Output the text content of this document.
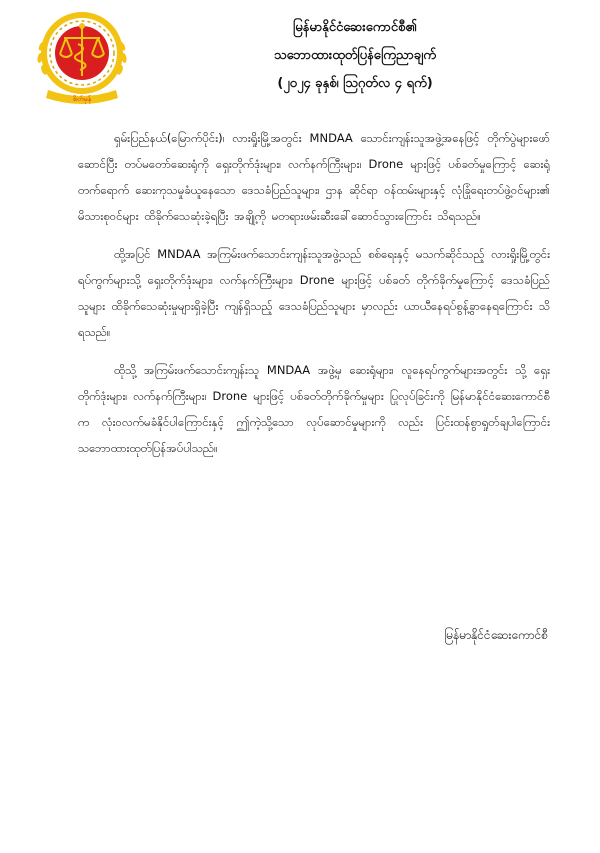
စိတ်မှန်
မြန်မာနိုင်ငံဆေးကောင်စီ၏
သဘောထားထုတ်ပြန်ကြေညာချက်
(၂၀၂၄ ခုနှစ်၊ ဩဂုတ်လ ၄ ရက်)

ရှမ်းပြည်နယ်(မြောက်ပိုင်း)၊ လားရှိုးမြို့အတွင်း MNDAA သောင်းကျန်းသူအဖွဲ့အနေဖြင့် တိုက်ပွဲများဖော်ဆောင်ပြီး တပ်မတော်ဆေးရုံကို ရှေးတိုက်ဒုံးများ၊ လက်နက်ကြီးများ၊ Drone များဖြင့် ပစ်ခတ်မှုကြောင့် ဆေးရုံတက်ရောက် ဆေးကုသမှုခံယူနေသော ဒေသခံပြည်သူများ၊ ဌာန ဆိုင်ရာ ဝန်ထမ်းများနှင့် လုံခြုံရေးတပ်ဖွဲ့ဝင်များ၏ မိသားစုဝင်များ ထိခိုက်သေဆုံးခဲ့ရပြီး အချို့ကို မတရားဖမ်းဆီးခေါ်ဆောင်သွားကြောင်း သိရသည်။

ထို့အပြင် MNDAA အကြမ်းဖက်သောင်းကျန်းသူအဖွဲ့သည် စစ်ရေးနှင့် မသက်ဆိုင်သည့် လားရှိုးမြို့တွင်း ရပ်ကွက်များသို့ ရှေးတိုက်ဒုံးများ၊ လက်နက်ကြီးများ၊ Drone များဖြင့် ပစ်ခတ် တိုက်ခိုက်မှုကြောင့် ဒေသခံပြည်သူများ ထိခိုက်သေဆုံးမှုများရှိခဲ့ပြီး ကျန်ရှိသည့် ဒေသခံပြည်သူများ မှာလည်း ယာယီနေရပ်စွန့်ခွာနေရကြောင်း သိရသည်။

ထိုသို့ အကြမ်းဖက်သောင်းကျန်းသူ MNDAA အဖွဲ့မှ ဆေးရုံများ၊ လူနေရပ်ကွက်များအတွင်း သို့ ရှေးတိုက်ဒုံးများ၊ လက်နက်ကြီးများ၊ Drone များဖြင့် ပစ်ခတ်တိုက်ခိုက်မှုများ ပြုလုပ်ခြင်းကို မြန်မာနိုင်ငံဆေးကောင်စီက လုံးဝလက်မခံနိုင်ပါကြောင်းနှင့် ဤကဲ့သို့သော လုပ်ဆောင်မှုများကို လည်း ပြင်းထန်စွာရှုတ်ချပါကြောင်း သဘောထားထုတ်ပြန်အပ်ပါသည်။

မြန်မာနိုင်ငံဆေးကောင်စီ
